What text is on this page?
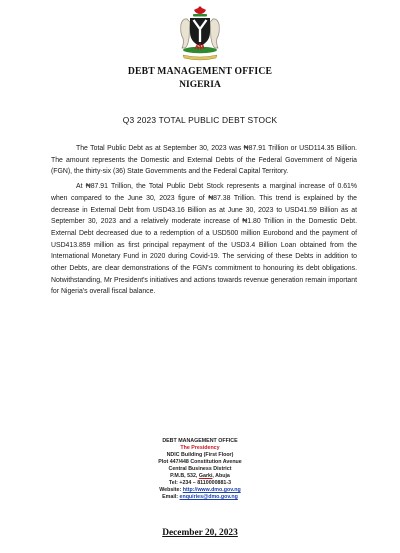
DEBT MANAGEMENT OFFICE
NIGERIA
Q3 2023 TOTAL PUBLIC DEBT STOCK

The Total Public Debt as at September 30, 2023 was ₦87.91 Trillion or USD114.35 Billion. The amount represents the Domestic and External Debts of the Federal Government of Nigeria (FGN), the thirty-six (36) State Governments and the Federal Capital Territory.

At ₦87.91 Trillion, the Total Public Debt Stock represents a marginal increase of 0.61% when compared to the June 30, 2023 figure of ₦87.38 Trillion. This trend is explained by the decrease in External Debt from USD43.16 Billion as at June 30, 2023 to USD41.59 Billion as at September 30, 2023 and a relatively moderate increase of ₦1.80 Trillion in the Domestic Debt. External Debt decreased due to a redemption of a USD500 million Eurobond and the payment of USD413.859 million as first principal repayment of the USD3.4 Billion Loan obtained from the International Monetary Fund in 2020 during Covid-19. The servicing of these Debts in addition to other Debts, are clear demonstrations of the FGN's commitment to honouring its debt obligations. Notwithstanding, Mr President's initiatives and actions towards revenue generation remain important for Nigeria's overall fiscal balance.

DEBT MANAGEMENT OFFICE
The Presidency
NDIC Building (First Floor)
Plot 447/448 Constitution Avenue
Central Business District
P.M.B, 532, Garki, Abuja
Tel: +234 – 8110000881-3
Website: http://www.dmo.gov.ng
Email: enquiries@dmo.gov.ng
December 20, 2023
